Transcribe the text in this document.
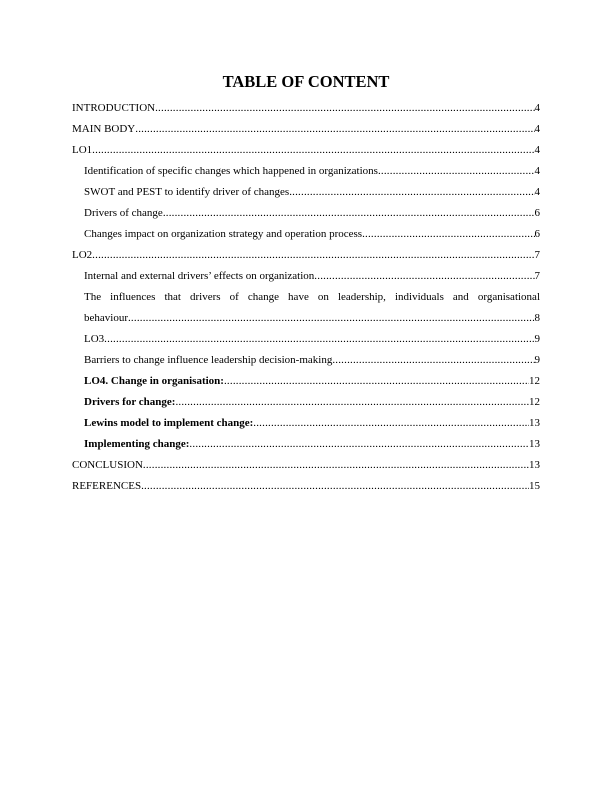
TABLE OF CONTENT
INTRODUCTION .....	4
MAIN BODY .....	4
LO1 .....	4
Identification of specific changes which happened in organizations .....	4
SWOT and PEST to identify driver of changes .....	4
Drivers of change .....	6
Changes impact on organization strategy and operation process .....	6
LO2 .....	7
Internal and external drivers’ effects on organization .....	7
The influences that drivers of change have on leadership, individuals and organisational
behaviour .....	8
LO3 .....	9
Barriers to change influence leadership decision-making .....	9
LO4. Change in organisation: .....	12
Drivers for change: .....	12
Lewins model to implement change: .....	13
Implementing change: .....	13
CONCLUSION .....	13
REFERENCES .....	15
